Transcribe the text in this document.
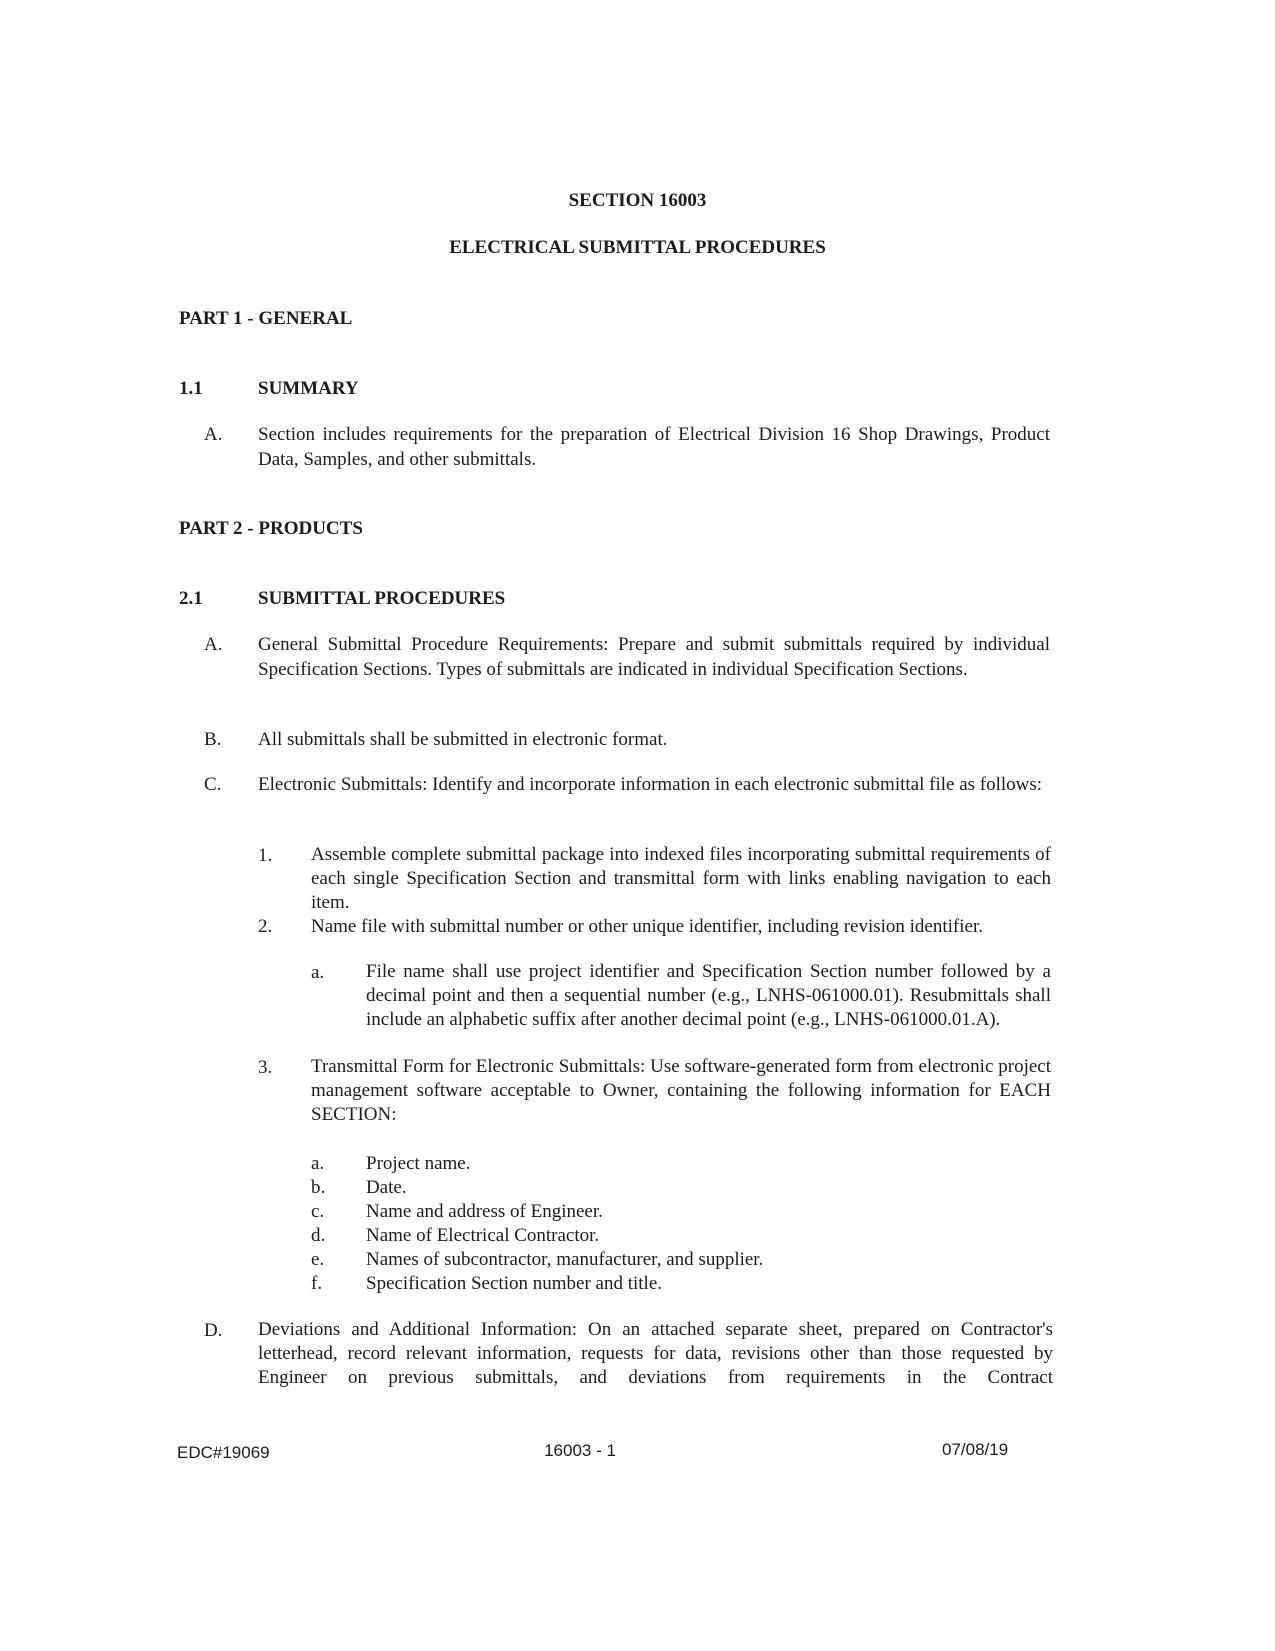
SECTION 16003
ELECTRICAL SUBMITTAL PROCEDURES
PART 1 - GENERAL
1.1	SUMMARY
A. Section includes requirements for the preparation of Electrical Division 16 Shop Drawings, Product Data, Samples, and other submittals.
PART 2 - PRODUCTS
2.1	SUBMITTAL PROCEDURES
A. General Submittal Procedure Requirements: Prepare and submit submittals required by individual Specification Sections. Types of submittals are indicated in individual Specification Sections.
B. All submittals shall be submitted in electronic format.
C. Electronic Submittals: Identify and incorporate information in each electronic submittal file as follows:
1. Assemble complete submittal package into indexed files incorporating submittal requirements of each single Specification Section and transmittal form with links enabling navigation to each item.
2. Name file with submittal number or other unique identifier, including revision identifier.
a. File name shall use project identifier and Specification Section number followed by a decimal point and then a sequential number (e.g., LNHS-061000.01). Resubmittals shall include an alphabetic suffix after another decimal point (e.g., LNHS-061000.01.A).
3. Transmittal Form for Electronic Submittals: Use software-generated form from electronic project management software acceptable to Owner, containing the following information for EACH SECTION:
a. Project name.
b. Date.
c. Name and address of Engineer.
d. Name of Electrical Contractor.
e. Names of subcontractor, manufacturer, and supplier.
f. Specification Section number and title.
D. Deviations and Additional Information: On an attached separate sheet, prepared on Contractor's letterhead, record relevant information, requests for data, revisions other than those requested by Engineer on previous submittals, and deviations from requirements in the Contract
EDC#19069	16003 - 1	07/08/19
